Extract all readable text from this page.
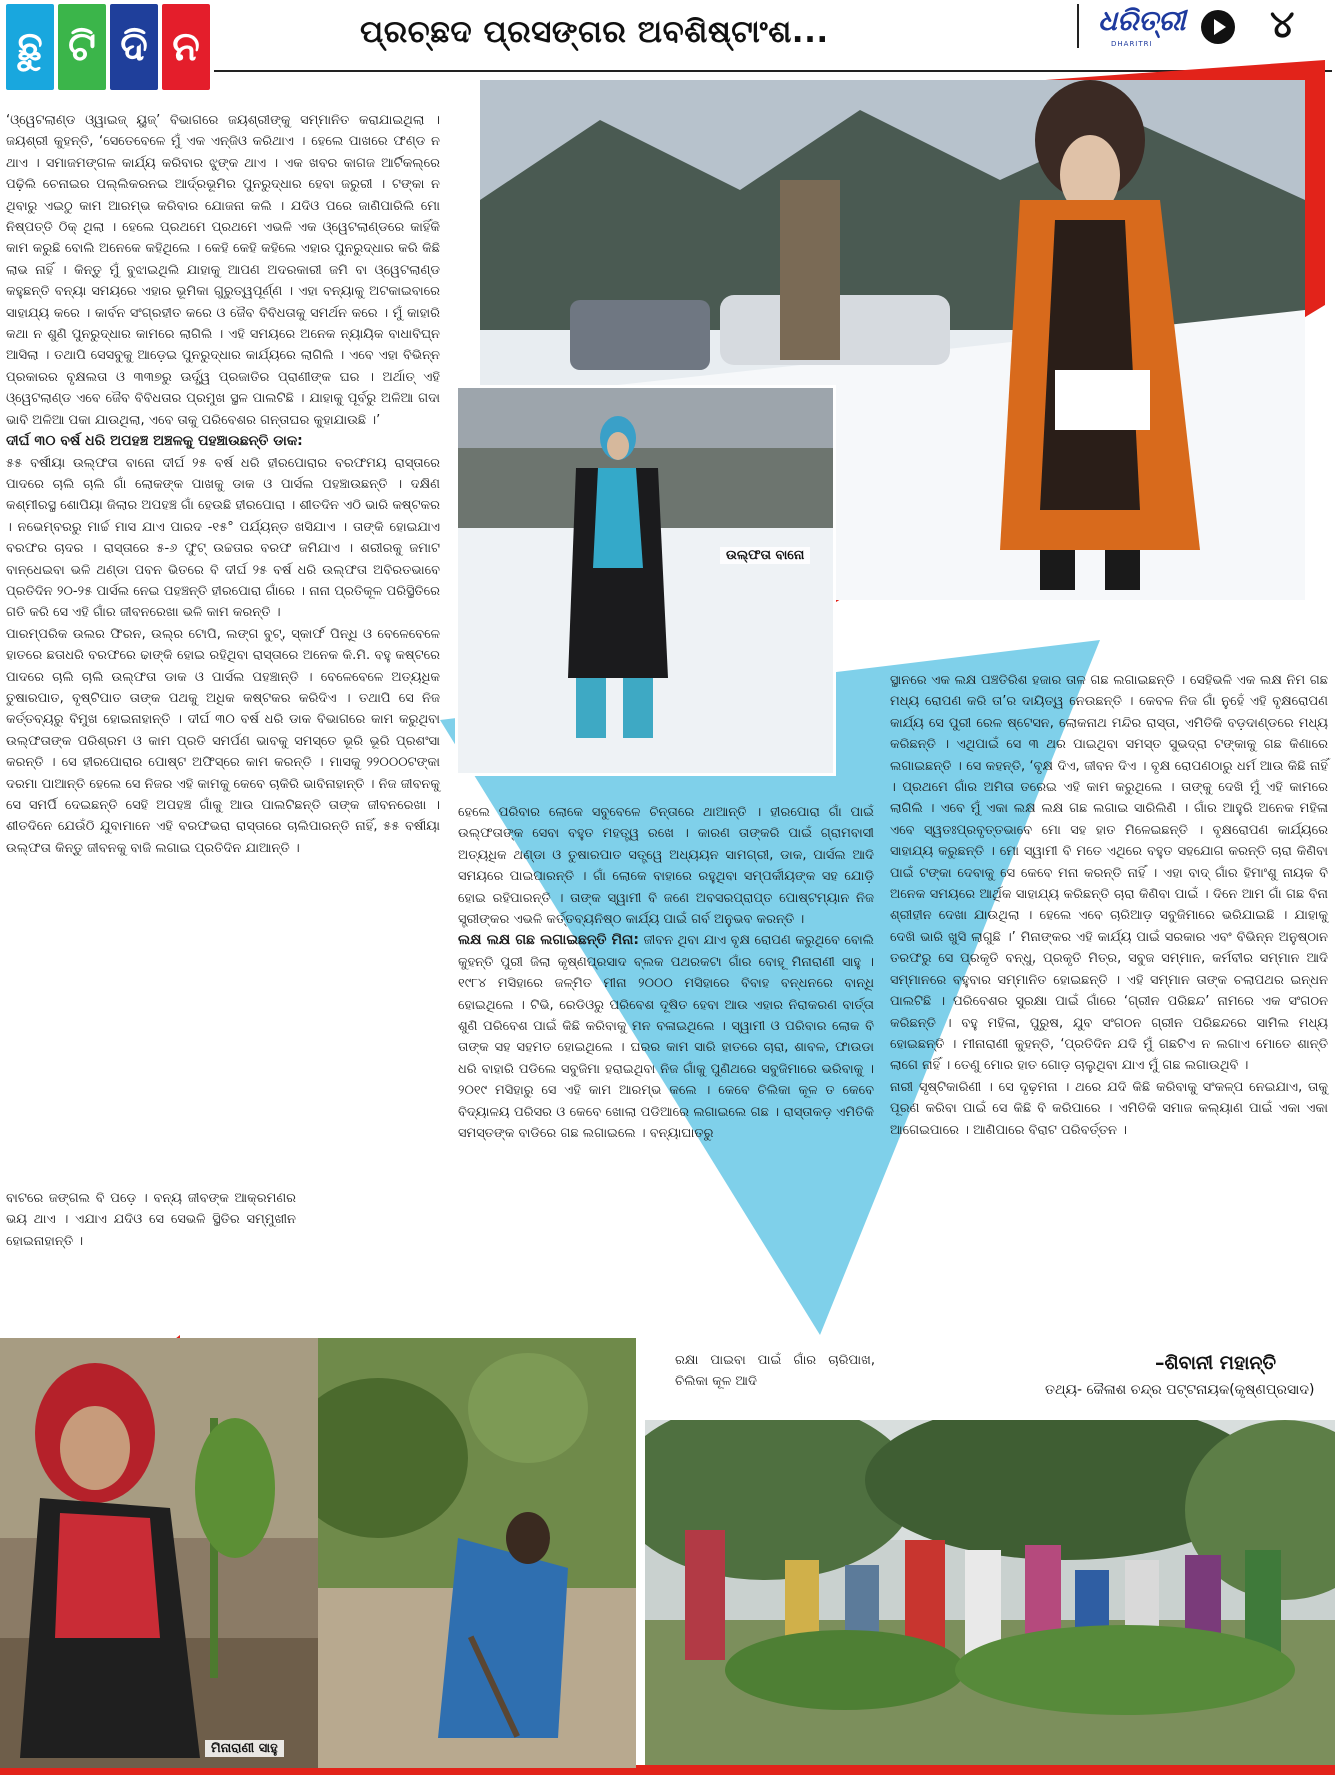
ଛୁ ଟି ଦି ନ	ପ୍ରଚ୍ଛଦ ପ୍ରସଙ୍ଗର ଅବଶିଷ୍ଟାଂଶ...	ଧରିତ୍ରୀ
DHARITRI	୪
ଉଲ୍‌ଫତା ବାନୋ
ମିନାରାଣୀ ସାହୁ

‘ଓ୍ୱେଟଲାଣ୍ଡ ଓ୍ୱାଇଜ୍ ୟୁଜ୍’ ବିଭାଗରେ ଜୟଶ୍ରୀଙ୍କୁ ସମ୍ମାନିତ କରାଯାଇଥିଲା । ଜୟଶ୍ରୀ କୁହନ୍ତି, ‘ସେତେବେଳେ ମୁଁ ଏକ ଏନ୍‌ଜିଓ କରିଥାଏ । ହେଲେ ପାଖରେ ଫଣ୍ଡ ନ ଥାଏ । ସମାଜମଙ୍ଗଳ କାର୍ଯ୍ୟ କରିବାର ଝୁଙ୍କ ଥାଏ । ଏକ ଖବର କାଗଜ ଆର୍ଟିକଲ୍‌ରେ ପଢ଼ିଲି ଚେନାଇର ପଲ୍ଲିକରନଇ ଆର୍ଦ୍ରଭୂମିର ପୁନରୁଦ୍ଧାର ହେବା ଜରୁରୀ । ଟଙ୍କା ନ ଥିବାରୁ ଏଇଠୁ କାମ ଆରମ୍ଭ କରିବାର ଯୋଜନା କଲି । ଯଦିଓ ପରେ ଜାଣିପାରିଲି ମୋ ନିଷ୍ପତ୍ତି ଠିକ୍ ଥିଲା । ହେଲେ ପ୍ରଥମେ ପ୍ରଥମେ ଏଭଳି ଏକ ଓ୍ୱେଟଲାଣ୍ଡରେ କାହିଁକି କାମ କରୁଛି ବୋଲି ଅନେକେ କହିଥିଲେ । କେହି କେହି କହିଲେ ଏହାର ପୁନରୁଦ୍ଧାର କରି କିଛି ଲାଭ ନାହିଁ । କିନ୍ତୁ ମୁଁ ବୁଝାଇଥିଲି ଯାହାକୁ ଆପଣ ଅଦରକାରୀ ଜମି ବା ଓ୍ୱେଟଲାଣ୍ଡ କହୁଛନ୍ତି ବନ୍ୟା ସମୟରେ ଏହାର ଭୂମିକା ଗୁରୁତ୍ୱପୂର୍ଣ୍ଣ । ଏହା ବନ୍ୟାକୁ ଅଟକାଇବାରେ ସାହାଯ୍ୟ କରେ । କାର୍ବନ ସଂଗ୍ରହୀତ କରେ ଓ ଜୈବ ବିବିଧତାକୁ ସମର୍ଥନ କରେ । ମୁଁ କାହାରି କଥା ନ ଶୁଣି ପୁନରୁଦ୍ଧାର କାମରେ ଲାଗିଲି । ଏହି ସମୟରେ ଅନେକ ନ୍ୟାୟିକ ବାଧାବିଘ୍ନ ଆସିଲା । ତଥାପି ସେସବୁକୁ ଆଡ଼େଇ ପୁନରୁଦ୍ଧାର କାର୍ଯ୍ୟରେ ଲାଗିଲି । ଏବେ ଏହା ବିଭିନ୍ନ ପ୍ରକାରର ବୃକ୍ଷଲତା ଓ ୩୩୭ରୁ ଊର୍ଦ୍ଧ୍ୱ ପ୍ରଜାତିର ପ୍ରାଣୀଙ୍କ ଘର । ଅର୍ଥାତ୍ ଏହି ଓ୍ୱେଟଲାଣ୍ଡ ଏବେ ଜୈବ ବିବିଧତାର ପ୍ରମୁଖ ସ୍ଥଳ ପାଲଟିଛି । ଯାହାକୁ ପୂର୍ବରୁ ଅଳିଆ ଗଦା ଭାବି ଅଳିଆ ପକା ଯାଉଥିଲା, ଏବେ ତାକୁ ପରିବେଶର ଗନ୍ତାଘର କୁହାଯାଉଛି ।’

ଦୀର୍ଘ ୩୦ ବର୍ଷ ଧରି ଅପହଞ୍ଚ ଅଞ୍ଚଳକୁ ପହଞ୍ଚାଉଛନ୍ତି ଡାକ:

୫୫ ବର୍ଷୀୟା ଉଲ୍‌ଫତା ବାନୋ ଦୀର୍ଘ ୨୫ ବର୍ଷ ଧରି ହୀରପୋରାର ବରଫମୟ ରାସ୍ତାରେ ପାଦରେ ଚାଲି ଚାଲି ଗାଁ ଲୋକଙ୍କ ପାଖକୁ ଡାକ ଓ ପାର୍ସଲ ପହଞ୍ଚାଉଛନ୍ତି । ଦକ୍ଷିଣ କଶ୍ମୀରସ୍ଥ ଶୋପିୟା ଜିଲାର ଅପହଞ୍ଚ ଗାଁ ହେଉଛି ହୀରପୋରା । ଶୀତଦିନ ଏଠି ଭାରି କଷ୍ଟକର । ନଭେମ୍ବରରୁ ମାର୍ଚ୍ଚ ମାସ ଯାଏ ପାରଦ -୧୫° ପର୍ଯ୍ୟନ୍ତ ଖସିଯାଏ । ତାଙ୍କି ହୋଇଯାଏ ବରଫର ଚାଦର । ରାସ୍ତାରେ ୫-୬ ଫୁଟ୍ ଉଚ୍ଚତାର ବରଫ ଜମିଯାଏ । ଶରୀରକୁ ଜମାଟ ବାନ୍ଧେଇବା ଭଳି ଥଣ୍ଡା ପବନ ଭିତରେ ବି ଦୀର୍ଘ ୨୫ ବର୍ଷ ଧରି ଉଲ୍‌ଫତା ଅବିରତଭାବେ ପ୍ରତିଦିନ ୨୦-୨୫ ପାର୍ସଲ ନେଇ ପହଞ୍ଚନ୍ତି ହୀରପୋରା ଗାଁରେ । ନାନା ପ୍ରତିକୂଳ ପରିସ୍ଥିତିରେ ଗତି କରି ସେ ଏହି ଗାଁର ଜୀବନରେଖା ଭଳି କାମ କରନ୍ତି ।

ପାରମ୍ପରିକ ଉଲର ଫିରନ, ଉଲ୍‌ର ଟୋପି, ଲଙ୍ଗ ବୁଟ୍, ସ୍କାର୍ଫ ପିନ୍ଧି ଓ ବେଳେବେଳେ ହାତରେ ଛତାଧରି ବରଫରେ ଢାଙ୍କି ହୋଇ ରହିଥିବା ରାସ୍ତାରେ ଅନେକ କି.ମି. ବହୁ କଷ୍ଟରେ ପାଦରେ ଚାଲି ଚାଲି ଉଲ୍‌ଫତା ଡାକ ଓ ପାର୍ସଲ ପହଞ୍ଚାନ୍ତି । ବେଳେବେଳେ ଅତ୍ୟଧିକ ତୁଷାରପାତ, ବୃଷ୍ଟିପାତ ତାଙ୍କ ପଥକୁ ଅଧିକ କଷ୍ଟକର କରିଦିଏ । ତଥାପି ସେ ନିଜ କର୍ତ୍ତବ୍ୟରୁ ବିମୁଖ ହୋଇନାହାନ୍ତି । ଦୀର୍ଘ ୩୦ ବର୍ଷ ଧରି ଡାକ ବିଭାଗରେ କାମ କରୁଥିବା ଉଲ୍‌ଫତାଙ୍କ ପରିଶ୍ରମ ଓ କାମ ପ୍ରତି ସମର୍ପଣ ଭାବକୁ ସମସ୍ତେ ଭୂରି ଭୂରି ପ୍ରଶଂସା କରନ୍ତି । ସେ ହୀରପୋରାର ପୋଷ୍ଟ ଅଫିସ୍‌ରେ କାମ କରନ୍ତି । ମାସକୁ ୨୨୦୦୦ଟଙ୍କା ଦରମା ପାଆନ୍ତି ହେଲେ ସେ ନିଜର ଏହି କାମକୁ କେବେ ଚାକିରି ଭାବିନାହାନ୍ତି । ନିଜ ଜୀବନକୁ ସେ ସମର୍ପି ଦେଇଛନ୍ତି ସେହି ଅପହଞ୍ଚ ଗାଁକୁ ଆଉ ପାଲଟିଛନ୍ତି ତାଙ୍କ ଜୀବନରେଖା । ଶୀତଦିନେ ଯେଉଁଠି ଯୁବାମାନେ ଏହି ବରଫଭରା ରାସ୍ତାରେ ଚାଲିପାରନ୍ତି ନାହିଁ, ୫୫ ବର୍ଷୀୟା ଉଲ୍‌ଫତା କିନ୍ତୁ ଜୀବନକୁ ବାଜି ଲଗାଇ ପ୍ରତିଦିନ ଯାଆନ୍ତି ।

ବାଟରେ ଜଙ୍ଗଲ ବି ପଡ଼େ । ବନ୍ୟ ଜୀବଙ୍କ ଆକ୍ରମଣର ଭୟ ଥାଏ । ଏଯାଏ ଯଦିଓ ସେ ସେଭଳି ସ୍ଥିତିର ସମ୍ମୁଖୀନ ହୋଇନାହାନ୍ତି ।

ହେଲେ ପରିବାର ଲୋକେ ସବୁବେଳେ ଚିନ୍ତାରେ ଥାଆନ୍ତି । ହୀରପୋରା ଗାଁ ପାଇଁ ଉଲ୍‌ଫତାଙ୍କ ସେବା ବହୁତ ମହତ୍ତ୍ୱ ରଖେ । କାରଣ ତାଙ୍କରି ପାଇଁ ଗ୍ରାମବାସୀ ଅତ୍ୟଧିକ ଥଣ୍ଡା ଓ ତୁଷାରପାତ ସତ୍ତ୍ୱେ ଅଧ୍ୟୟନ ସାମଗ୍ରୀ, ଡାକ, ପାର୍ସଲ ଆଦି ସମୟରେ ପାଇପାରନ୍ତି । ଗାଁ ଲୋକେ ବାହାରେ ରହୁଥିବା ସମ୍ପର୍କୀୟଙ୍କ ସହ ଯୋଡ଼ି ହୋଇ ରହିପାରନ୍ତି । ତାଙ୍କ ସ୍ୱାମୀ ବି ଜଣେ ଅବସରପ୍ରାପ୍ତ ପୋଷ୍ଟମ୍ୟାନ ନିଜ ସ୍ତ୍ରୀଙ୍କର ଏଭଳି କର୍ତ୍ତବ୍ୟନିଷ୍ଠ କାର୍ଯ୍ୟ ପାଇଁ ଗର୍ବ ଅନୁଭବ କରନ୍ତି ।

ଲକ୍ଷ ଲକ୍ଷ ଗଛ ଲଗାଇଛନ୍ତି ମିନା: ଜୀବନ ଥିବା ଯାଏ ବୃକ୍ଷ ରୋପଣ କରୁଥିବେ ବୋଲି କୁହନ୍ତି ପୁରୀ ଜିଲା କୃଷ୍ଣପ୍ରସାଦ ବ୍ଲକ ପଥରକଟା ଗାଁର ବୋହୂ ମିନାରାଣୀ ସାହୁ । ୧୯୮୪ ମସିହାରେ ଜଳ୍ମିତ ମୀନା ୨୦୦୦ ମସିହାରେ ବିବାହ ବନ୍ଧନରେ ବାନ୍ଧି ହୋଇଥିଲେ । ଟିଭି, ରେଡିଓରୁ ପରିବେଶ ଦୂଷିତ ହେବା ଆଉ ଏହାର ନିରାକରଣ ବାର୍ତ୍ତା ଶୁଣି ପରିବେଶ ପାଇଁ କିଛି କରିବାକୁ ମନ ବଳାଇଥିଲେ । ସ୍ୱାମୀ ଓ ପରିବାର ଲୋକ ବି ତାଙ୍କ ସହ ସହମତ ହୋଇଥିଲେ । ଘରର କାମ ସାରି ହାତରେ ଚାରା, ଶାବଳ, ଫାଉଡା ଧରି ବାହାରି ପଡିଲେ ସବୁଜିମା ହରାଇଥିବା ନିଜ ଗାଁକୁ ପୁଣିଥରେ ସବୁଜିମାରେ ଭରିବାକୁ । ୨୦୧୯ ମସିହାରୁ ସେ ଏହି କାମ ଆରମ୍ଭ କଲେ । କେବେ ଚିଲିକା କୂଳ ତ କେବେ ବିଦ୍ୟାଳୟ ପରିସର ଓ କେବେ ଖୋଲା ପଡିଆରେ ଲଗାଇଲେ ଗଛ । ରାସ୍ତାକଡ଼ ଏମିତିକି ସମସ୍ତଙ୍କ ବାଡିରେ ଗଛ ଲଗାଇଲେ । ବନ୍ୟାଘାତରୁ

ରକ୍ଷା ପାଇବା ପାଇଁ ଗାଁର ଚାରିପାଖ, ଚିଲିକା କୂଳ ଆଦି

ସ୍ଥାନରେ ଏକ ଲକ୍ଷ ପଞ୍ଚତିରିଶ ହଜାର ତାଳ ଗଛ ଲଗାଇଛନ୍ତି । ସେହିଭଳି ଏକ ଲକ୍ଷ ନିମ ଗଛ ମଧ୍ୟ ରୋପଣ କରି ତା’ର ଦାୟିତ୍ୱ ନେଉଛନ୍ତି । କେବଳ ନିଜ ଗାଁ ନୁହେଁ ଏହି ବୃକ୍ଷରୋପଣ କାର୍ଯ୍ୟ ସେ ପୁରୀ ରେଳ ଷ୍ଟେସନ, ଲୋକନାଥ ମନ୍ଦିର ରାସ୍ତା, ଏମିତିକି ବଡ଼ଦାଣ୍ଡରେ ମଧ୍ୟ କରିଛନ୍ତି । ଏଥିପାଇଁ ସେ ୩ ଥର ପାଇଥିବା ସମସ୍ତ ସୁଭଦ୍ରା ଟଙ୍କାକୁ ଗଛ କିଣାରେ ଲଗାଇଛନ୍ତି । ସେ କହନ୍ତି, ‘ବୃକ୍ଷ ଦିଏ, ଜୀବନ ଦିଏ । ବୃକ୍ଷ ରୋପଣଠାରୁ ଧର୍ମ ଆଉ କିଛି ନାହିଁ । ପ୍ରଥମେ ଗାଁର ଅମିତା ତରେଇ ଏହି କାମ କରୁଥିଲେ । ତାଙ୍କୁ ଦେଖି ମୁଁ ଏହି କାମରେ ଲାଗିଲି । ଏବେ ମୁଁ ଏକା ଲକ୍ଷ ଲକ୍ଷ ଗଛ ଲଗାଇ ସାରିଲିଣି । ଗାଁର ଆହୁରି ଅନେକ ମହିଳା ଏବେ ସ୍ୱତଃପ୍ରବୃତ୍ତଭାବେ ମୋ ସହ ହାତ ମିଳେଇଛନ୍ତି । ବୃକ୍ଷରୋପଣ କାର୍ଯ୍ୟରେ ସାହାଯ୍ୟ କରୁଛନ୍ତି । ମୋ ସ୍ୱାମୀ ବି ମତେ ଏଥିରେ ବହୁତ ସହଯୋଗ କରନ୍ତି ଚାରା କିଣିବା ପାଇଁ ଟଙ୍କା ଦେବାକୁ ସେ କେବେ ମନା କରନ୍ତି ନାହିଁ । ଏହା ବାଦ୍ ଗାଁର ହିମାଂଶୁ ନାୟକ ବି ଅନେକ ସମୟରେ ଆର୍ଥିକ ସାହାଯ୍ୟ କରିଛନ୍ତି ଚାରା କିଣିବା ପାଇଁ । ଦିନେ ଆମ ଗାଁ ଗଛ ବିନା ଶ୍ରୀହୀନ ଦେଖା ଯାଉଥିଲା । ହେଲେ ଏବେ ଚାରିଆଡ଼ ସବୁଜିମାରେ ଭରିଯାଇଛି । ଯାହାକୁ ଦେଖି ଭାରି ଖୁସି ଲାଗୁଛି ।’ ମିନାଙ୍କର ଏହି କାର୍ଯ୍ୟ ପାଇଁ ସରକାର ଏବଂ ବିଭିନ୍ନ ଅନୁଷ୍ଠାନ ତରଫରୁ ସେ ପ୍ରକୃତି ବନ୍ଧୁ, ପ୍ରକୃତି ମିତ୍ର, ସବୁଜ ସମ୍ମାନ, କର୍ମବୀର ସମ୍ମାନ ଆଦି ସମ୍ମାନରେ ବହୁବାର ସମ୍ମାନିତ ହୋଇଛନ୍ତି । ଏହି ସମ୍ମାନ ତାଙ୍କ ଚଲାପଥର ଇନ୍ଧନ ପାଲଟିଛି । ପରିବେଶର ସୁରକ୍ଷା ପାଇଁ ଗାଁରେ ‘ଗ୍ରୀନ ପରିଛନ୍ଦ’ ନାମରେ ଏକ ସଂଗଠନ କରିଛନ୍ତି । ବହୁ ମହିଳା, ପୁରୁଷ, ଯୁବ ସଂଗଠନ ଗ୍ରୀନ ପରିଛନ୍ଦରେ ସାମିଲ ମଧ୍ୟ ହୋଇଛନ୍ତି । ମୀନାରାଣୀ କୁହନ୍ତି, ‘ପ୍ରତିଦିନ ଯଦି ମୁଁ ଗଛଟିଏ ନ ଲଗାଏ ମୋତେ ଶାନ୍ତି ଲାଗେ ନାହିଁ । ତେଣୁ ମୋର ହାତ ଗୋଡ଼ ଚାଲୁଥିବା ଯାଏ ମୁଁ ଗଛ ଲଗାଉଥିବି ।

ନାରୀ ସୃଷ୍ଟିକାରିଣୀ । ସେ ଦୃଢ଼ମନା । ଥରେ ଯଦି କିଛି କରିବାକୁ ସଂକଳ୍ପ ନେଇଯାଏ, ତାକୁ ପୂରଣ କରିବା ପାଇଁ ସେ କିଛି ବି କରିପାରେ । ଏମିତିକି ସମାଜ କଲ୍ୟାଣ ପାଇଁ ଏକା ଏକା ଆଗେଇପାରେ । ଆଣିପାରେ ବିରାଟ ପରିବର୍ତ୍ତନ ।

–ଶିବାନୀ ମହାନ୍ତି
ତଥ୍ୟ- କୈଳାଶ ଚନ୍ଦ୍ର ପଟ୍ଟନାୟକ(କୃଷ୍ଣପ୍ରସାଦ)
